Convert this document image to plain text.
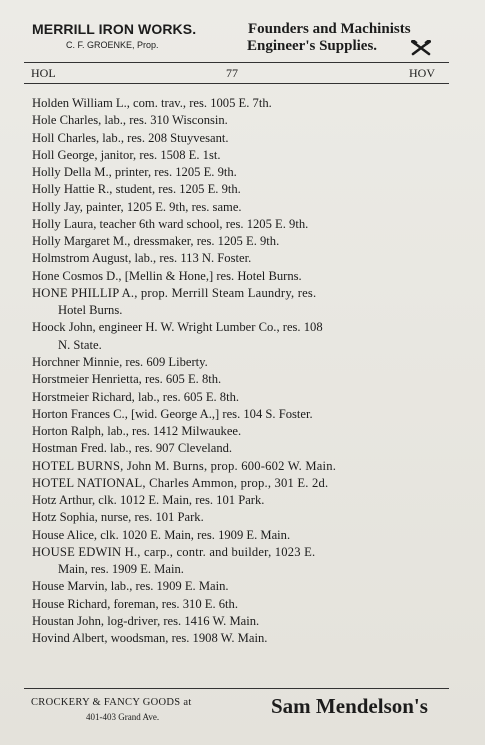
MERRILL IRON WORKS.
C. F. GROENKE, Prop.
Founders and Machinists
Engineer's Supplies.
HOL	77	HOV
Holden William L., com. trav., res. 1005 E. 7th.
Hole Charles, lab., res. 310 Wisconsin.
Holl Charles, lab., res. 208 Stuyvesant.
Holl George, janitor, res. 1508 E. 1st.
Holly Della M., printer, res. 1205 E. 9th.
Holly Hattie R., student, res. 1205 E. 9th.
Holly Jay, painter, 1205 E. 9th, res. same.
Holly Laura, teacher 6th ward school, res. 1205 E. 9th.
Holly Margaret M., dressmaker, res. 1205 E. 9th.
Holmstrom August, lab., res. 113 N. Foster.
Hone Cosmos D., [Mellin & Hone,] res. Hotel Burns.
HONE PHILLIP A., prop. Merrill Steam Laundry, res.
Hotel Burns.
Hoock John, engineer H. W. Wright Lumber Co., res. 108
N. State.
Horchner Minnie, res. 609 Liberty.
Horstmeier Henrietta, res. 605 E. 8th.
Horstmeier Richard, lab., res. 605 E. 8th.
Horton Frances C., [wid. George A.,] res. 104 S. Foster.
Horton Ralph, lab., res. 1412 Milwaukee.
Hostman Fred. lab., res. 907 Cleveland.
HOTEL BURNS, John M. Burns, prop. 600-602 W. Main.
HOTEL NATIONAL, Charles Ammon, prop., 301 E. 2d.
Hotz Arthur, clk. 1012 E. Main, res. 101 Park.
Hotz Sophia, nurse, res. 101 Park.
House Alice, clk. 1020 E. Main, res. 1909 E. Main.
HOUSE EDWIN H., carp., contr. and builder, 1023 E.
Main, res. 1909 E. Main.
House Marvin, lab., res. 1909 E. Main.
House Richard, foreman, res. 310 E. 6th.
Houstan John, log-driver, res. 1416 W. Main.
Hovind Albert, woodsman, res. 1908 W. Main.
CROCKERY & FANCY GOODS at
401-403 Grand Ave.	Sam Mendelson's
